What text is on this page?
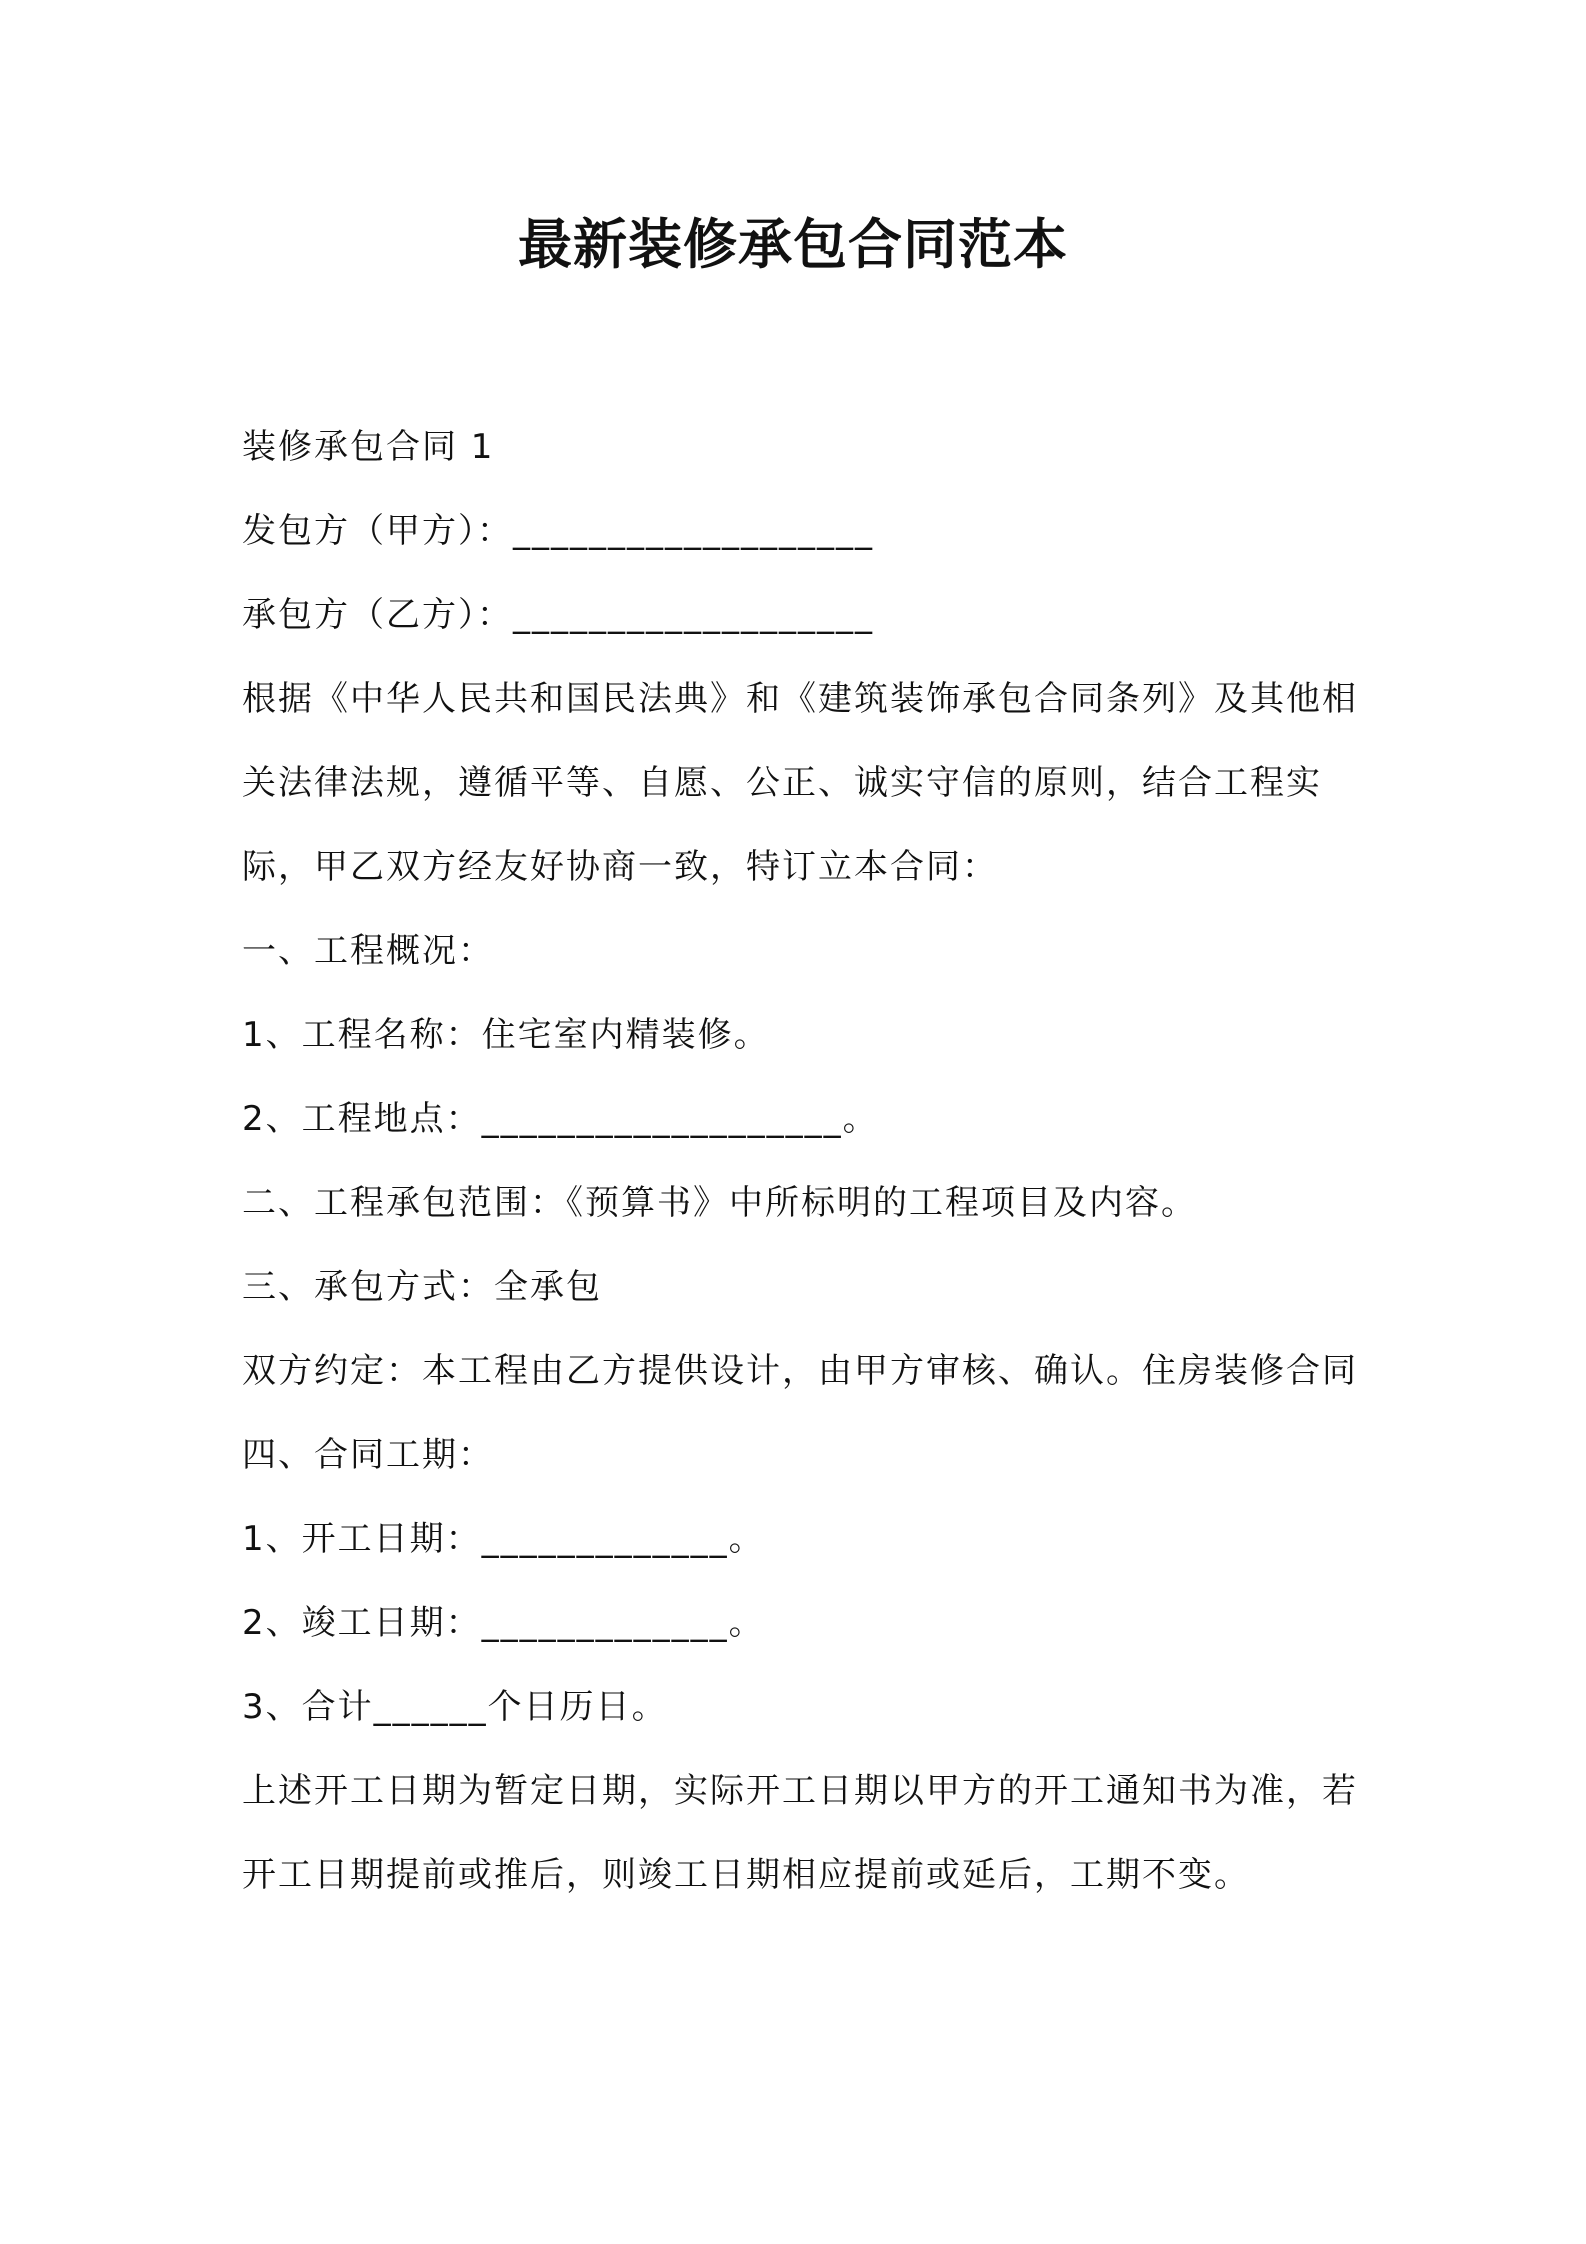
最新装修承包合同范本

装修承包合同 1

发包方（甲方）：___________________

承包方（乙方）：___________________

根据《中华人民共和国民法典》和《建筑装饰承包合同条列》及其他相关法律法规，遵循平等、自愿、公正、诚实守信的原则，结合工程实际，甲乙双方经友好协商一致，特订立本合同：

一、工程概况：

1、工程名称：住宅室内精装修。

2、工程地点：___________________。

二、工程承包范围：《预算书》中所标明的工程项目及内容。

三、承包方式：全承包

双方约定：本工程由乙方提供设计，由甲方审核、确认。住房装修合同

四、合同工期：

1、开工日期：_____________。

2、竣工日期：_____________。

3、合计______个日历日。

上述开工日期为暂定日期，实际开工日期以甲方的开工通知书为准，若开工日期提前或推后，则竣工日期相应提前或延后，工期不变。
